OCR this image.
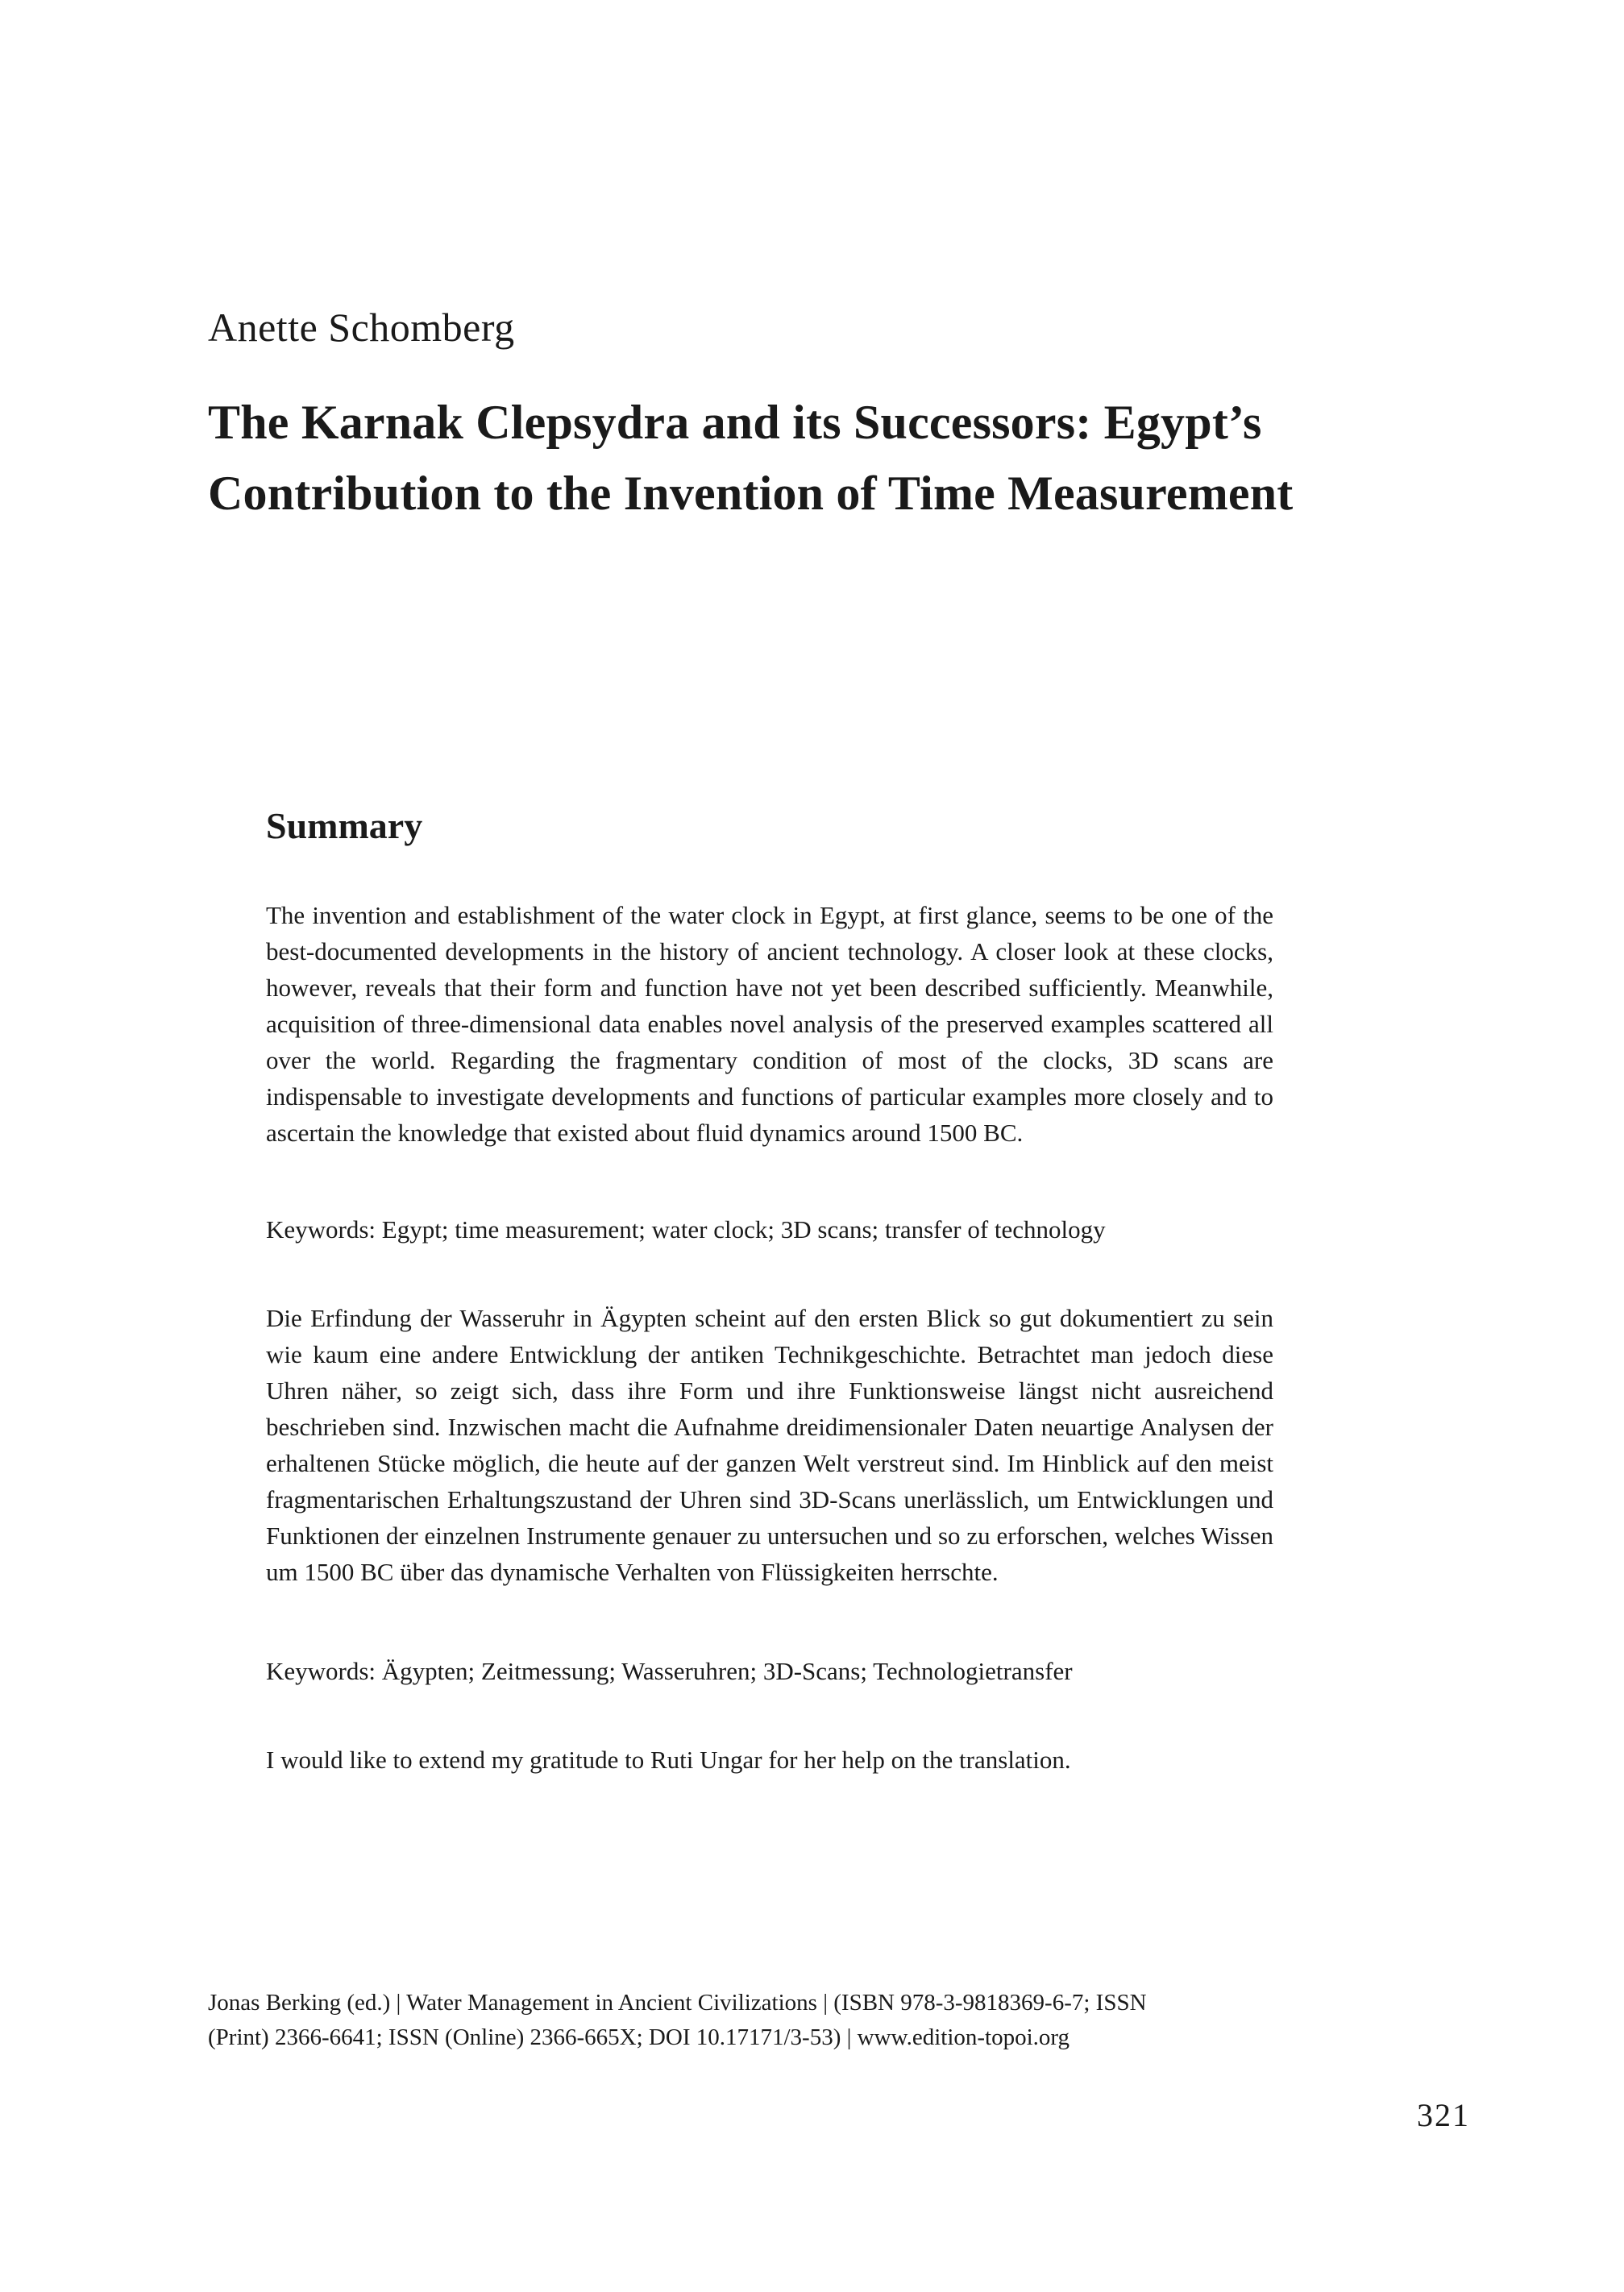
Anette Schomberg
The Karnak Clepsydra and its Successors: Egypt’s
Contribution to the Invention of Time Measurement
Summary
The invention and establishment of the water clock in Egypt, at first glance, seems to be one of the best-documented developments in the history of ancient technology. A closer look at these clocks, however, reveals that their form and function have not yet been described sufficiently. Meanwhile, acquisition of three-dimensional data enables novel analysis of the preserved examples scattered all over the world. Regarding the fragmentary condition of most of the clocks, 3D scans are indispensable to investigate developments and functions of particular examples more closely and to ascertain the knowledge that existed about fluid dynamics around 1500 BC.
Keywords: Egypt; time measurement; water clock; 3D scans; transfer of technology
Die Erfindung der Wasseruhr in Ägypten scheint auf den ersten Blick so gut dokumentiert zu sein wie kaum eine andere Entwicklung der antiken Technikgeschichte. Betrachtet man jedoch diese Uhren näher, so zeigt sich, dass ihre Form und ihre Funktionsweise längst nicht ausreichend beschrieben sind. Inzwischen macht die Aufnahme dreidimensionaler Daten neuartige Analysen der erhaltenen Stücke möglich, die heute auf der ganzen Welt verstreut sind. Im Hinblick auf den meist fragmentarischen Erhaltungszustand der Uhren sind 3D-Scans unerlässlich, um Entwicklungen und Funktionen der einzelnen Instrumente genauer zu untersuchen und so zu erforschen, welches Wissen um 1500 BC über das dynamische Verhalten von Flüssigkeiten herrschte.
Keywords: Ägypten; Zeitmessung; Wasseruhren; 3D-Scans; Technologietransfer
I would like to extend my gratitude to Ruti Ungar for her help on the translation.
Jonas Berking (ed.) | Water Management in Ancient Civilizations | (ISBN 978-3-9818369-6-7; ISSN
(Print) 2366-6641; ISSN (Online) 2366-665X; DOI 10.17171/3-53) | www.edition-topoi.org
321
